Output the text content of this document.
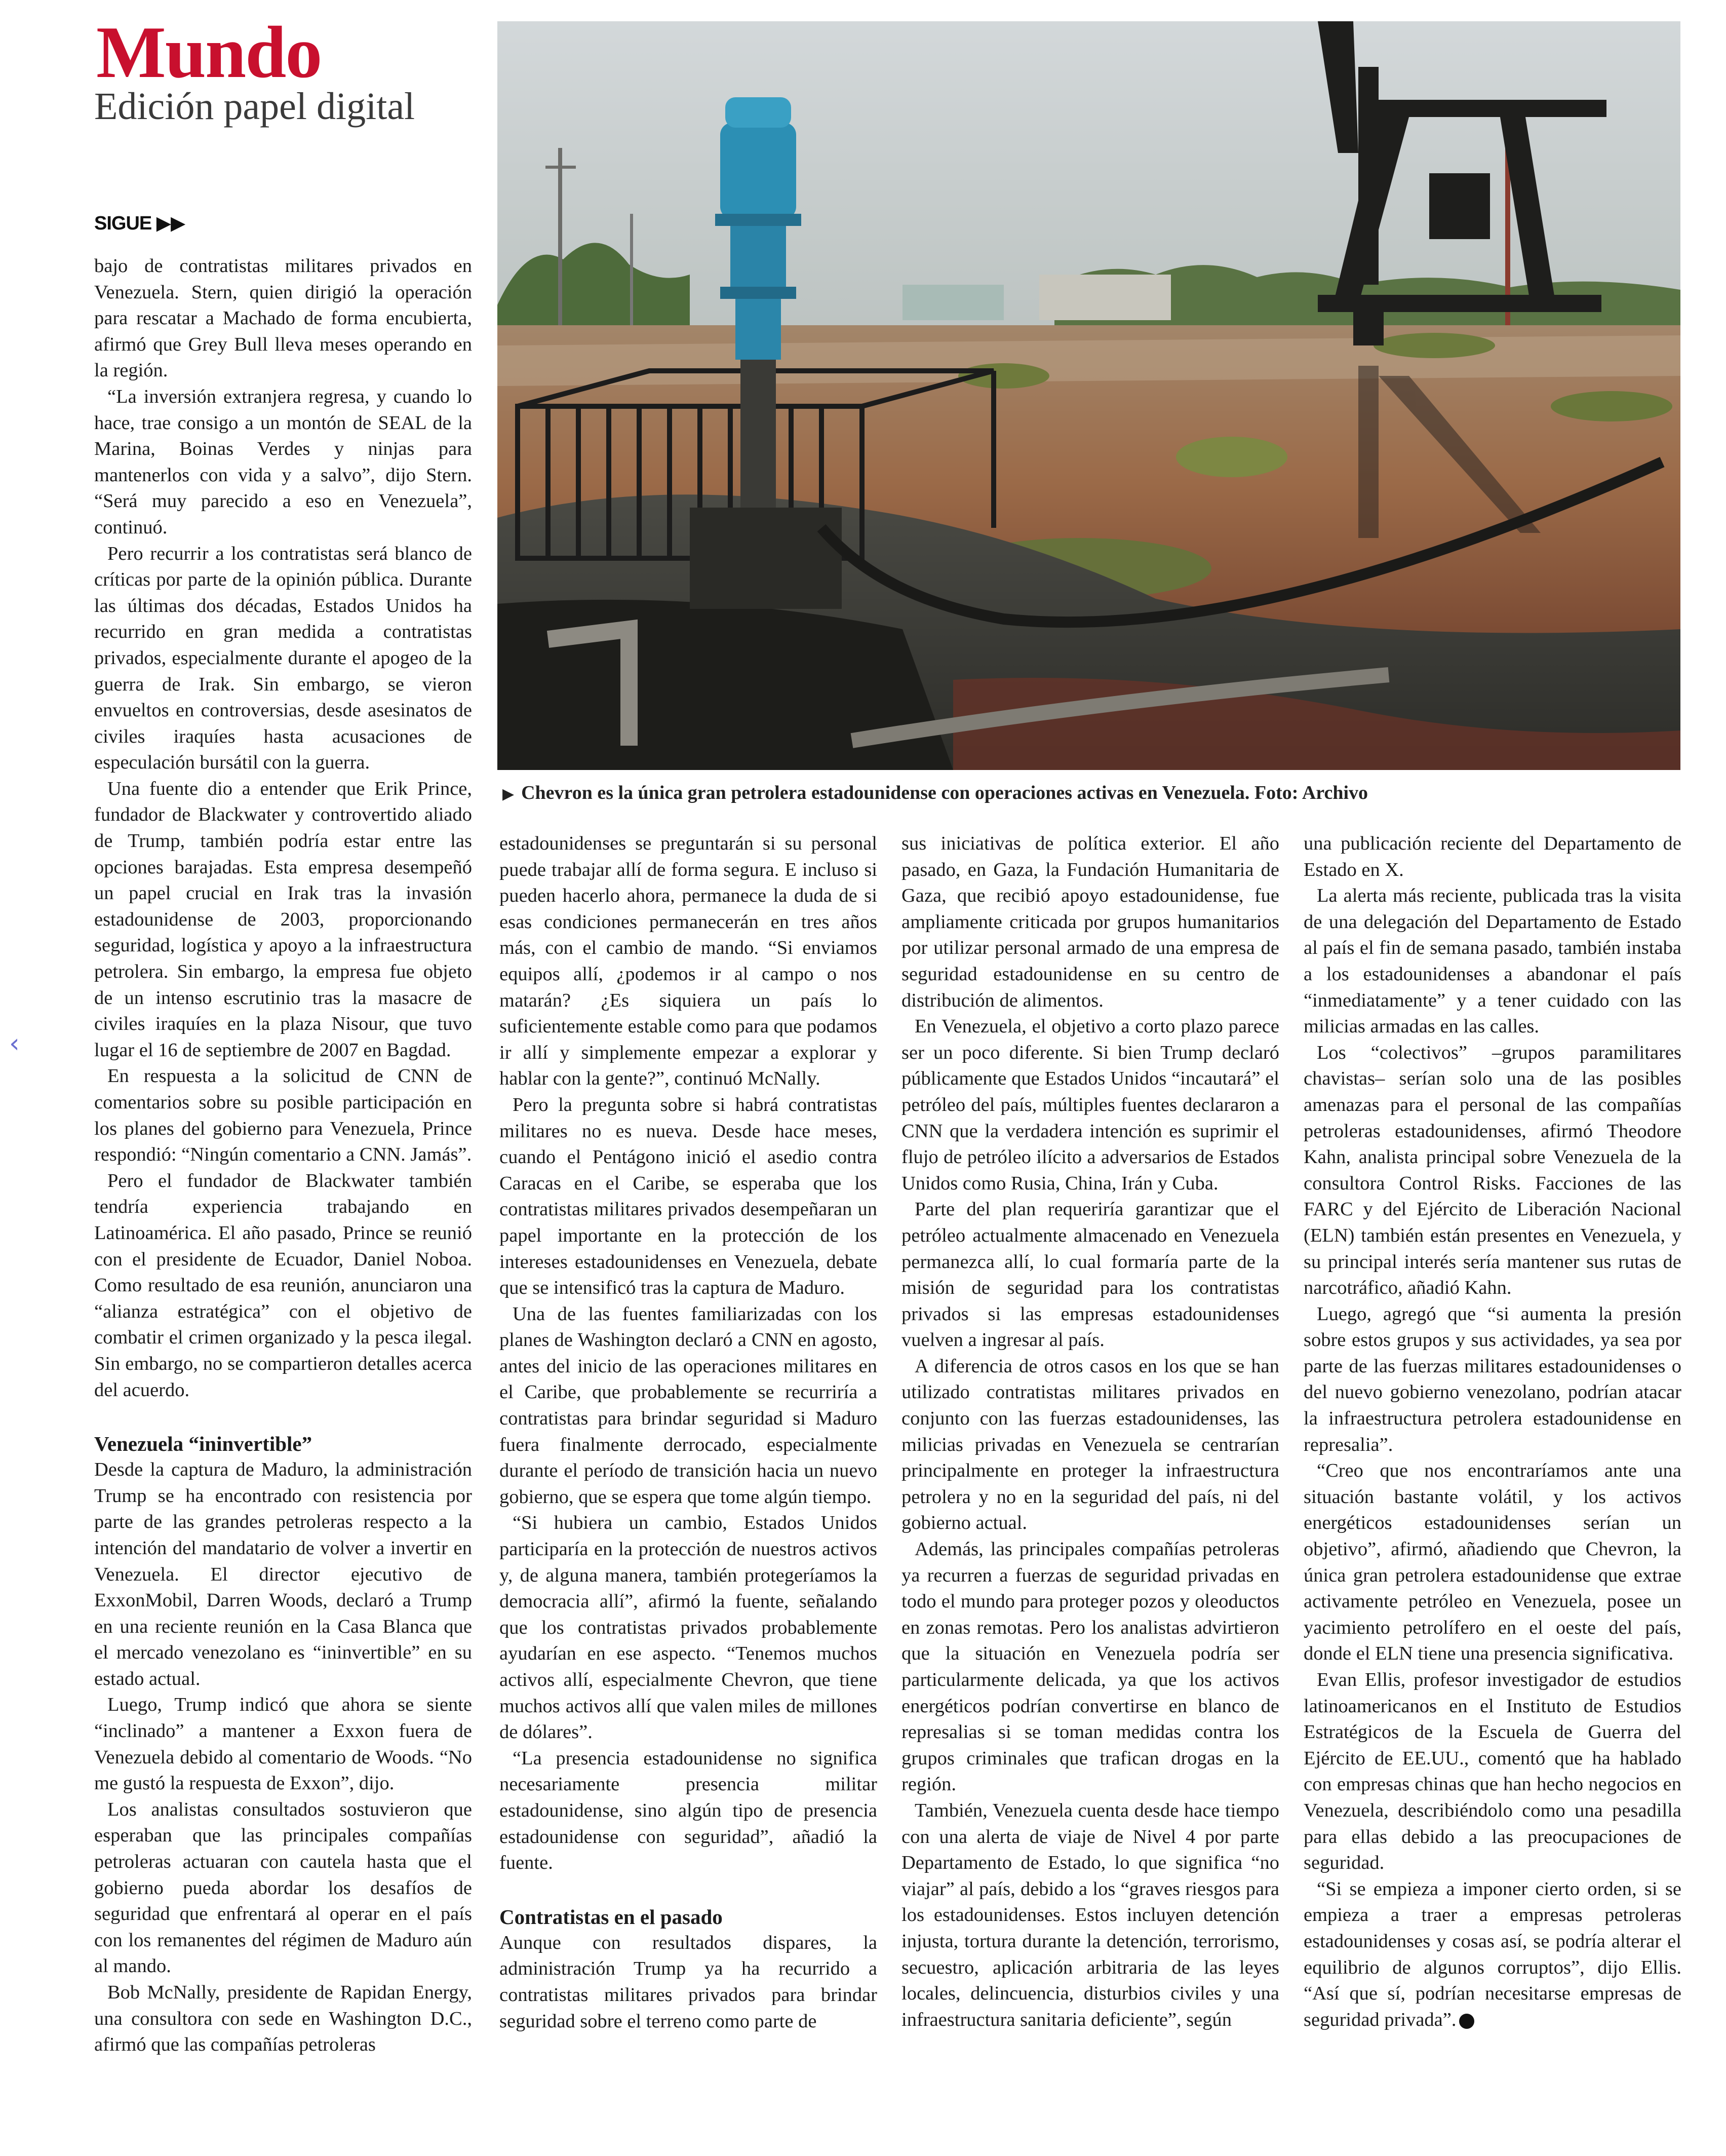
Mundo
Edición papel digital
SIGUE ▶▶
‹
▶ Chevron es la única gran petrolera estadounidense con operaciones activas en Venezuela. Foto: Archivo

bajo de contratistas militares privados en Venezuela. Stern, quien dirigió la operación para rescatar a Machado de forma encubierta, afirmó que Grey Bull lleva meses operando en la región.

“La inversión extranjera regresa, y cuando lo hace, trae consigo a un montón de SEAL de la Marina, Boinas Verdes y ninjas para mantenerlos con vida y a salvo”, dijo Stern. “Será muy parecido a eso en Venezuela”, continuó.

Pero recurrir a los contratistas será blanco de críticas por parte de la opinión pública. Durante las últimas dos décadas, Estados Unidos ha recurrido en gran medida a contratistas privados, especialmente durante el apogeo de la guerra de Irak. Sin embargo, se vieron envueltos en controversias, desde asesinatos de civiles iraquíes hasta acusaciones de especulación bursátil con la guerra.

Una fuente dio a entender que Erik Prince, fundador de Blackwater y controvertido aliado de Trump, también podría estar entre las opciones barajadas. Esta empresa desempeñó un papel crucial en Irak tras la invasión estadounidense de 2003, proporcionando seguridad, logística y apoyo a la infraestructura petrolera. Sin embargo, la empresa fue objeto de un intenso escrutinio tras la masacre de civiles iraquíes en la plaza Nisour, que tuvo lugar el 16 de septiembre de 2007 en Bagdad.

En respuesta a la solicitud de CNN de comentarios sobre su posible participación en los planes del gobierno para Venezuela, Prince respondió: “Ningún comentario a CNN. Jamás”.

Pero el fundador de Blackwater también tendría experiencia trabajando en Latinoamérica. El año pasado, Prince se reunió con el presidente de Ecuador, Daniel Noboa. Como resultado de esa reunión, anunciaron una “alianza estratégica” con el objetivo de combatir el crimen organizado y la pesca ilegal. Sin embargo, no se compartieron detalles acerca del acuerdo.

Venezuela “ininvertible”

Desde la captura de Maduro, la administración Trump se ha encontrado con resistencia por parte de las grandes petroleras respecto a la intención del mandatario de volver a invertir en Venezuela. El director ejecutivo de ExxonMobil, Darren Woods, declaró a Trump en una reciente reunión en la Casa Blanca que el mercado venezolano es “ininvertible” en su estado actual.

Luego, Trump indicó que ahora se siente “inclinado” a mantener a Exxon fuera de Venezuela debido al comentario de Woods. “No me gustó la respuesta de Exxon”, dijo.

Los analistas consultados sostuvieron que esperaban que las principales compañías petroleras actuaran con cautela hasta que el gobierno pueda abordar los desafíos de seguridad que enfrentará al operar en el país con los remanentes del régimen de Maduro aún al mando.

Bob McNally, presidente de Rapidan Energy, una consultora con sede en Washington D.C., afirmó que las compañías petroleras

estadounidenses se preguntarán si su personal puede trabajar allí de forma segura. E incluso si pueden hacerlo ahora, permanece la duda de si esas condiciones permanecerán en tres años más, con el cambio de mando. “Si enviamos equipos allí, ¿podemos ir al campo o nos matarán? ¿Es siquiera un país lo suficientemente estable como para que podamos ir allí y simplemente empezar a explorar y hablar con la gente?”, continuó McNally.

Pero la pregunta sobre si habrá contratistas militares no es nueva. Desde hace meses, cuando el Pentágono inició el asedio contra Caracas en el Caribe, se esperaba que los contratistas militares privados desempeñaran un papel importante en la protección de los intereses estadounidenses en Venezuela, debate que se intensificó tras la captura de Maduro.

Una de las fuentes familiarizadas con los planes de Washington declaró a CNN en agosto, antes del inicio de las operaciones militares en el Caribe, que probablemente se recurriría a contratistas para brindar seguridad si Maduro fuera finalmente derrocado, especialmente durante el período de transición hacia un nuevo gobierno, que se espera que tome algún tiempo.

“Si hubiera un cambio, Estados Unidos participaría en la protección de nuestros activos y, de alguna manera, también protegeríamos la democracia allí”, afirmó la fuente, señalando que los contratistas privados probablemente ayudarían en ese aspecto. “Tenemos muchos activos allí, especialmente Chevron, que tiene muchos activos allí que valen miles de millones de dólares”.

“La presencia estadounidense no significa necesariamente presencia militar estadounidense, sino algún tipo de presencia estadounidense con seguridad”, añadió la fuente.

Contratistas en el pasado

Aunque con resultados dispares, la administración Trump ya ha recurrido a contratistas militares privados para brindar seguridad sobre el terreno como parte de

sus iniciativas de política exterior. El año pasado, en Gaza, la Fundación Humanitaria de Gaza, que recibió apoyo estadounidense, fue ampliamente criticada por grupos humanitarios por utilizar personal armado de una empresa de seguridad estadounidense en su centro de distribución de alimentos.

En Venezuela, el objetivo a corto plazo parece ser un poco diferente. Si bien Trump declaró públicamente que Estados Unidos “incautará” el petróleo del país, múltiples fuentes declararon a CNN que la verdadera intención es suprimir el flujo de petróleo ilícito a adversarios de Estados Unidos como Rusia, China, Irán y Cuba.

Parte del plan requeriría garantizar que el petróleo actualmente almacenado en Venezuela permanezca allí, lo cual formaría parte de la misión de seguridad para los contratistas privados si las empresas estadounidenses vuelven a ingresar al país.

A diferencia de otros casos en los que se han utilizado contratistas militares privados en conjunto con las fuerzas estadounidenses, las milicias privadas en Venezuela se centrarían principalmente en proteger la infraestructura petrolera y no en la seguridad del país, ni del gobierno actual.

Además, las principales compañías petroleras ya recurren a fuerzas de seguridad privadas en todo el mundo para proteger pozos y oleoductos en zonas remotas. Pero los analistas advirtieron que la situación en Venezuela podría ser particularmente delicada, ya que los activos energéticos podrían convertirse en blanco de represalias si se toman medidas contra los grupos criminales que trafican drogas en la región.

También, Venezuela cuenta desde hace tiempo con una alerta de viaje de Nivel 4 por parte Departamento de Estado, lo que significa “no viajar” al país, debido a los “graves riesgos para los estadounidenses. Estos incluyen detención injusta, tortura durante la detención, terrorismo, secuestro, aplicación arbitraria de las leyes locales, delincuencia, disturbios civiles y una infraestructura sanitaria deficiente”, según

una publicación reciente del Departamento de Estado en X.

La alerta más reciente, publicada tras la visita de una delegación del Departamento de Estado al país el fin de semana pasado, también instaba a los estadounidenses a abandonar el país “inmediatamente” y a tener cuidado con las milicias armadas en las calles.

Los “colectivos” –grupos paramilitares chavistas– serían solo una de las posibles amenazas para el personal de las compañías petroleras estadounidenses, afirmó Theodore Kahn, analista principal sobre Venezuela de la consultora Control Risks. Facciones de las FARC y del Ejército de Liberación Nacional (ELN) también están presentes en Venezuela, y su principal interés sería mantener sus rutas de narcotráfico, añadió Kahn.

Luego, agregó que “si aumenta la presión sobre estos grupos y sus actividades, ya sea por parte de las fuerzas militares estadounidenses o del nuevo gobierno venezolano, podrían atacar la infraestructura petrolera estadounidense en represalia”.

“Creo que nos encontraríamos ante una situación bastante volátil, y los activos energéticos estadounidenses serían un objetivo”, afirmó, añadiendo que Chevron, la única gran petrolera estadounidense que extrae activamente petróleo en Venezuela, posee un yacimiento petrolífero en el oeste del país, donde el ELN tiene una presencia significativa.

Evan Ellis, profesor investigador de estudios latinoamericanos en el Instituto de Estudios Estratégicos de la Escuela de Guerra del Ejército de EE.UU., comentó que ha hablado con empresas chinas que han hecho negocios en Venezuela, describiéndolo como una pesadilla para ellas debido a las preocupaciones de seguridad.

“Si se empieza a imponer cierto orden, si se empieza a traer a empresas petroleras estadounidenses y cosas así, se podría alterar el equilibrio de algunos corruptos”, dijo Ellis. “Así que sí, podrían necesitarse empresas de seguridad privada”.
